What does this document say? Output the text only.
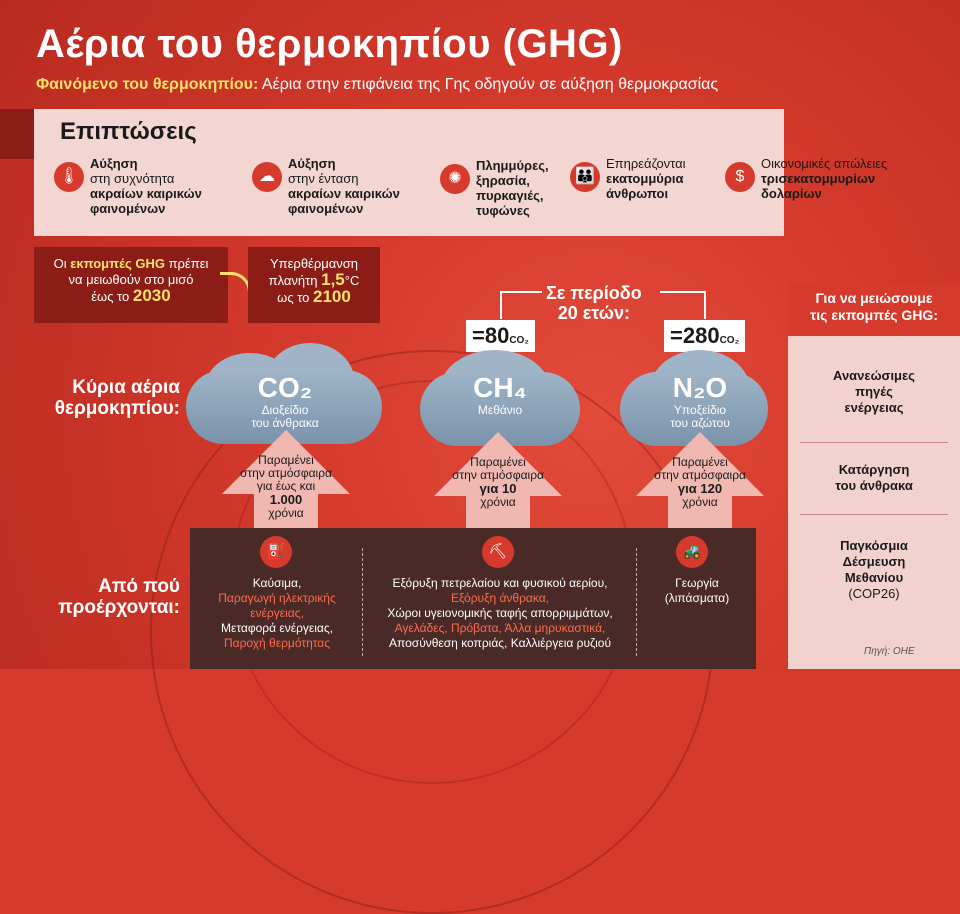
Αέρια του θερμοκηπίου (GHG)
Φαινόμενο του θερμοκηπίου: Αέρια στην επιφάνεια της Γης οδηγούν σε αύξηση θερμοκρασίας
Επιπτώσεις
🌡
Αύξηση
στη συχνότητα
ακραίων καιρικών
φαινομένων
☁
Αύξηση
στην ένταση
ακραίων καιρικών
φαινομένων
✺
Πλημμύρες,
ξηρασία,
πυρκαγιές,
τυφώνες
👪
Επηρεάζονται
εκατομμύρια
άνθρωποι
$
Οικονομικές απώλειες
τρισεκατομμυρίων
δολαρίων
Οι εκπομπές GHG πρέπει
να μειωθούν στο μισό
έως το 2030
Υπερθέρμανση
πλανήτη 1,5°C
ως το 2100	Σε περίοδο
20 ετών:
=80CO₂	=280CO₂
Κύρια αέρια
θερμοκηπίου:
CO₂
Διοξείδιο
του άνθρακα
CH₄
Μεθάνιο
N₂O
Υποξείδιο
του αζώτου
Παραμένει
στην ατμόσφαιρα
για έως και
1.000
χρόνια
Παραμένει
στην ατμόσφαιρα
για 10
χρόνια
Παραμένει
στην ατμόσφαιρα
για 120
χρόνια
Από πού
προέρχονται:
⛽	⛏	🚜
Καύσιμα,
Παραγωγή ηλεκτρικής
ενέργειας,
Μεταφορά ενέργειας,
Παροχή θερμότητας
Εξόρυξη πετρελαίου και φυσικού αερίου,
Εξόρυξη άνθρακα,
Χώροι υγειονομικής ταφής απορριμμάτων,
Αγελάδες, Πρόβατα, Άλλα μηρυκαστικά,
Αποσύνθεση κοπριάς, Καλλιέργεια ρυζιού
Γεωργία
(λιπάσματα)
Για να μειώσουμε
τις εκπομπές GHG:
Ανανεώσιμες
πηγές
ενέργειας
Κατάργηση
του άνθρακα
Παγκόσμια
Δέσμευση
Μεθανίου
(COP26)
Πηγή: ΟΗΕ
